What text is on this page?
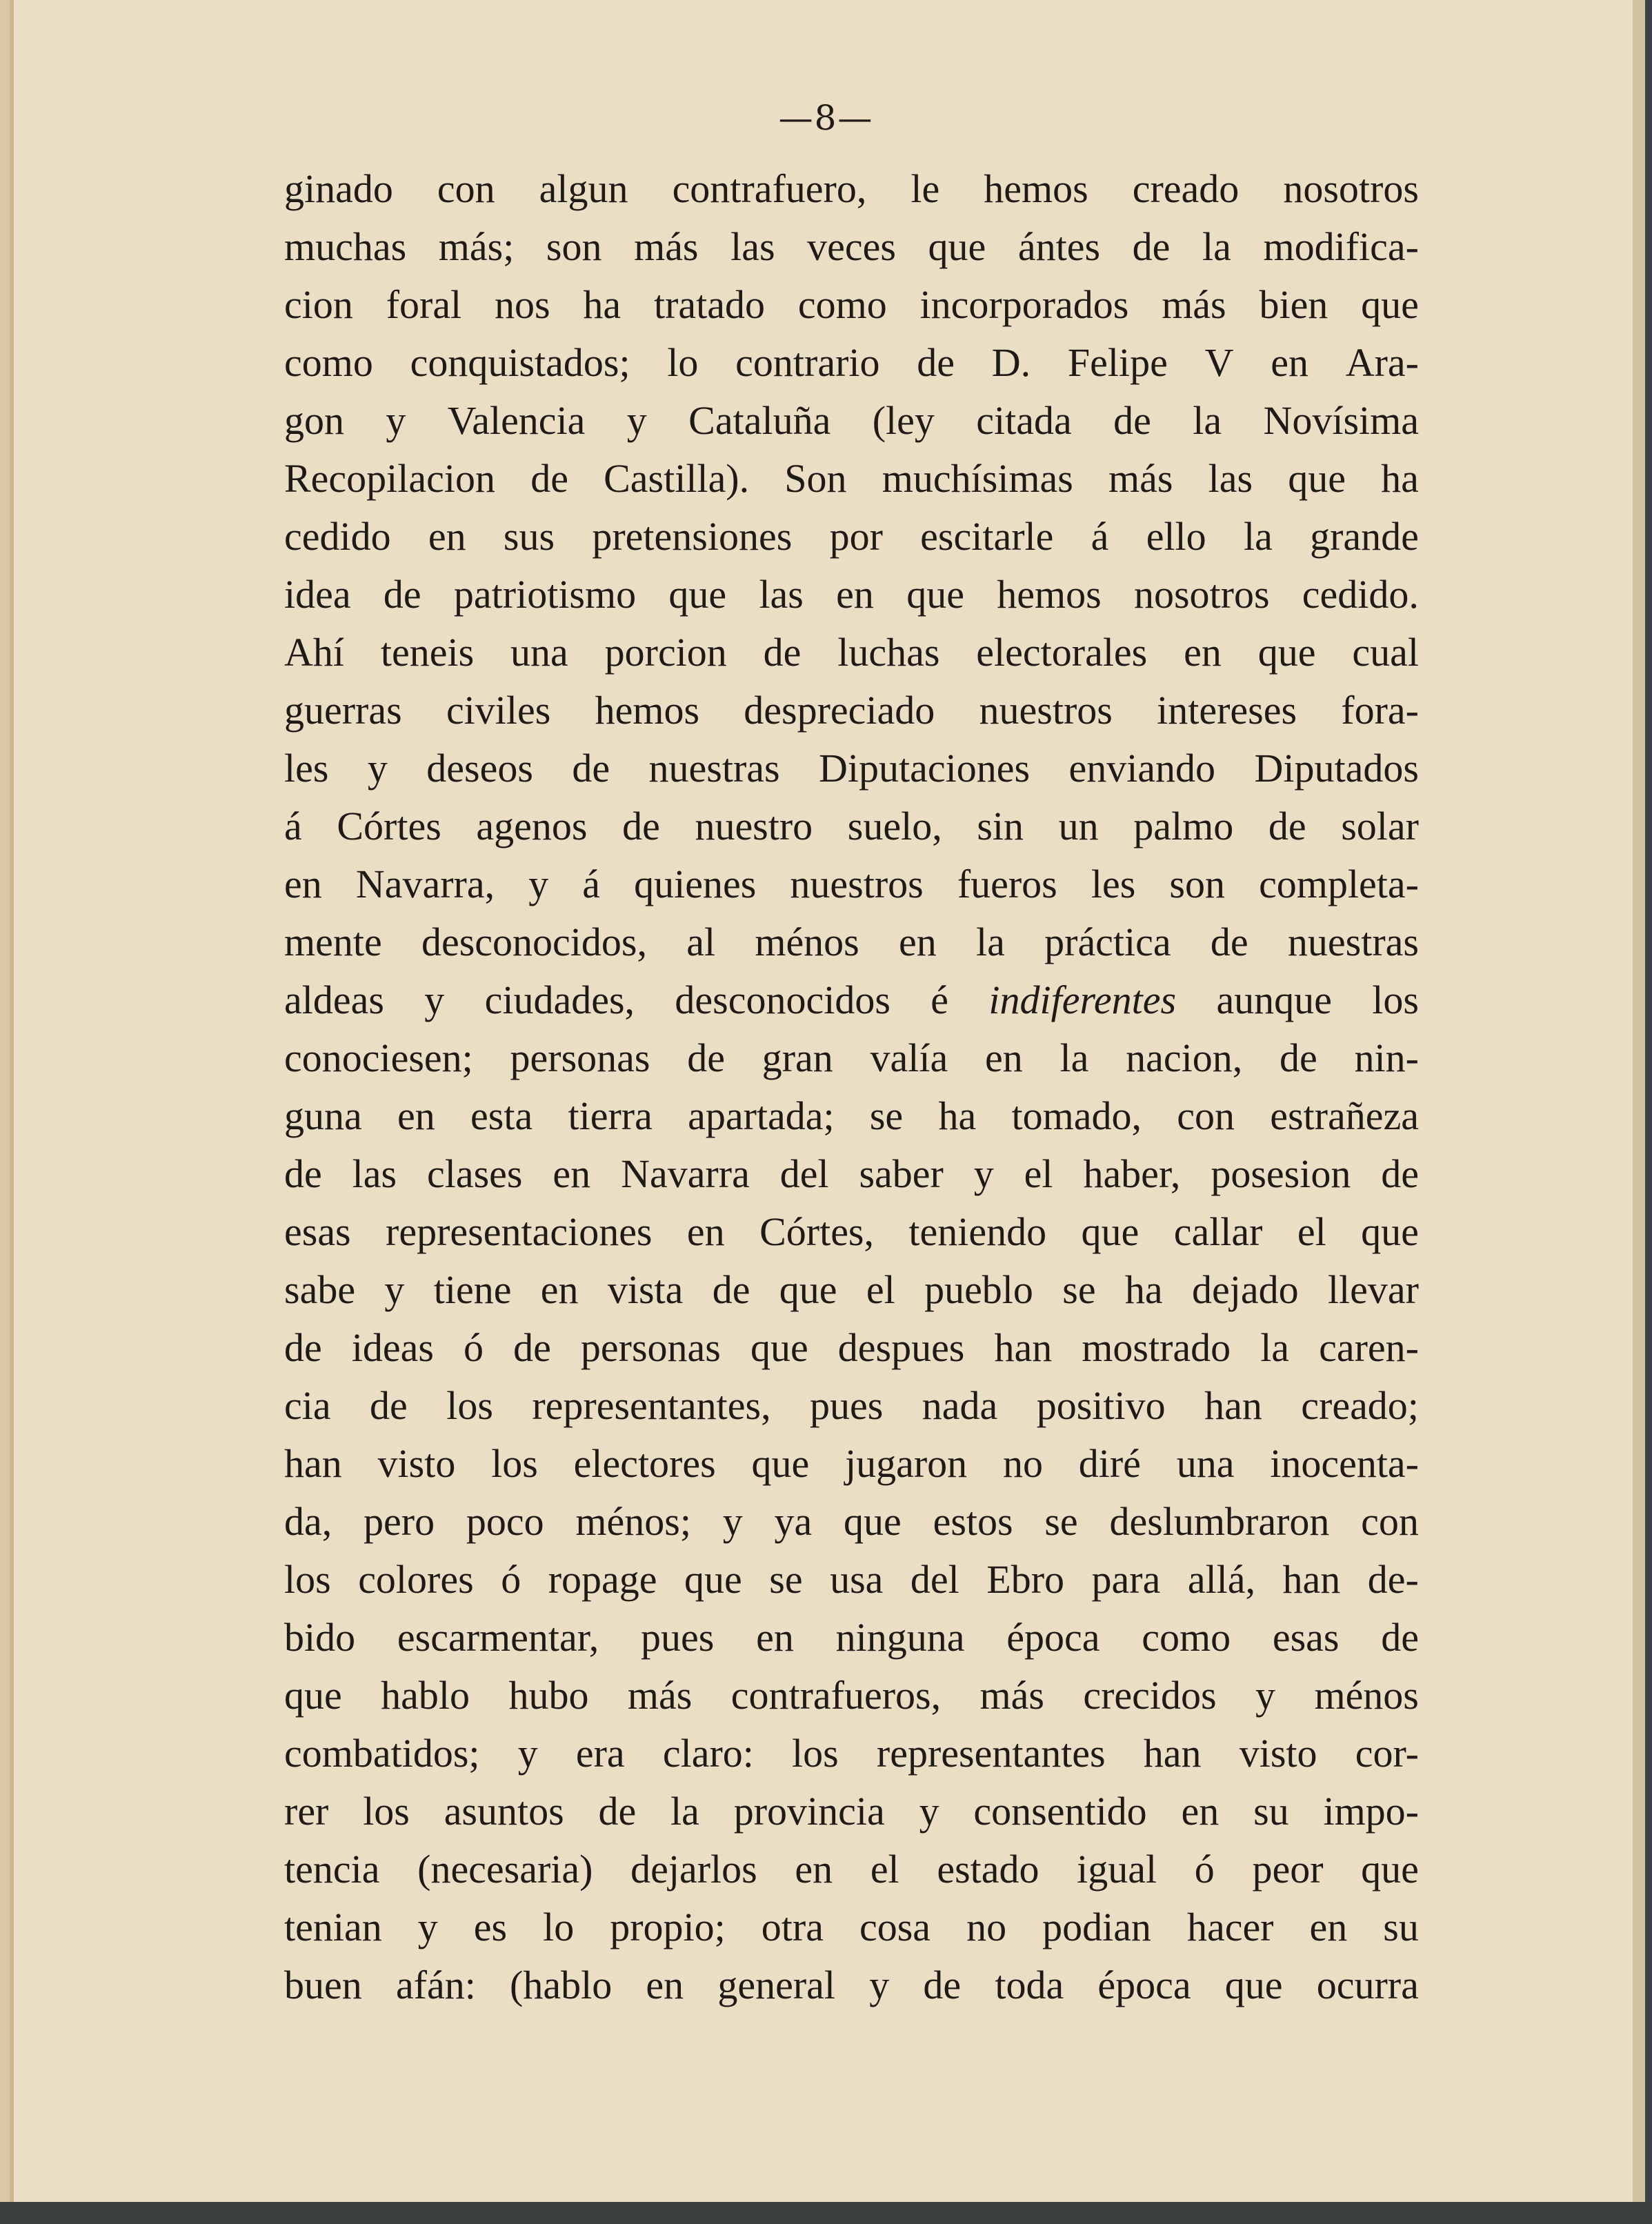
—8—
ginado con algun contrafuero, le hemos creado nosotros
muchas más; son más las veces que ántes de la modifica-
cion foral nos ha tratado como incorporados más bien que
como conquistados; lo contrario de D. Felipe V en Ara-
gon y Valencia y Cataluña (ley citada de la Novísima
Recopilacion de Castilla). Son muchísimas más las que ha
cedido en sus pretensiones por escitarle á ello la grande
idea de patriotismo que las en que hemos nosotros cedido.
Ahí teneis una porcion de luchas electorales en que cual
guerras civiles hemos despreciado nuestros intereses fora-
les y deseos de nuestras Diputaciones enviando Diputados
á Córtes agenos de nuestro suelo, sin un palmo de solar
en Navarra, y á quienes nuestros fueros les son completa-
mente desconocidos, al ménos en la práctica de nuestras
aldeas y ciudades, desconocidos é indiferentes aunque los
conociesen; personas de gran valía en la nacion, de nin-
guna en esta tierra apartada; se ha tomado, con estrañeza
de las clases en Navarra del saber y el haber, posesion de
esas representaciones en Córtes, teniendo que callar el que
sabe y tiene en vista de que el pueblo se ha dejado llevar
de ideas ó de personas que despues han mostrado la caren-
cia de los representantes, pues nada positivo han creado;
han visto los electores que jugaron no diré una inocenta-
da, pero poco ménos; y ya que estos se deslumbraron con
los colores ó ropage que se usa del Ebro para allá, han de-
bido escarmentar, pues en ninguna época como esas de
que hablo hubo más contrafueros, más crecidos y ménos
combatidos; y era claro: los representantes han visto cor-
rer los asuntos de la provincia y consentido en su impo-
tencia (necesaria) dejarlos en el estado igual ó peor que
tenian y es lo propio; otra cosa no podian hacer en su
buen afán: (hablo en general y de toda época que ocurra
